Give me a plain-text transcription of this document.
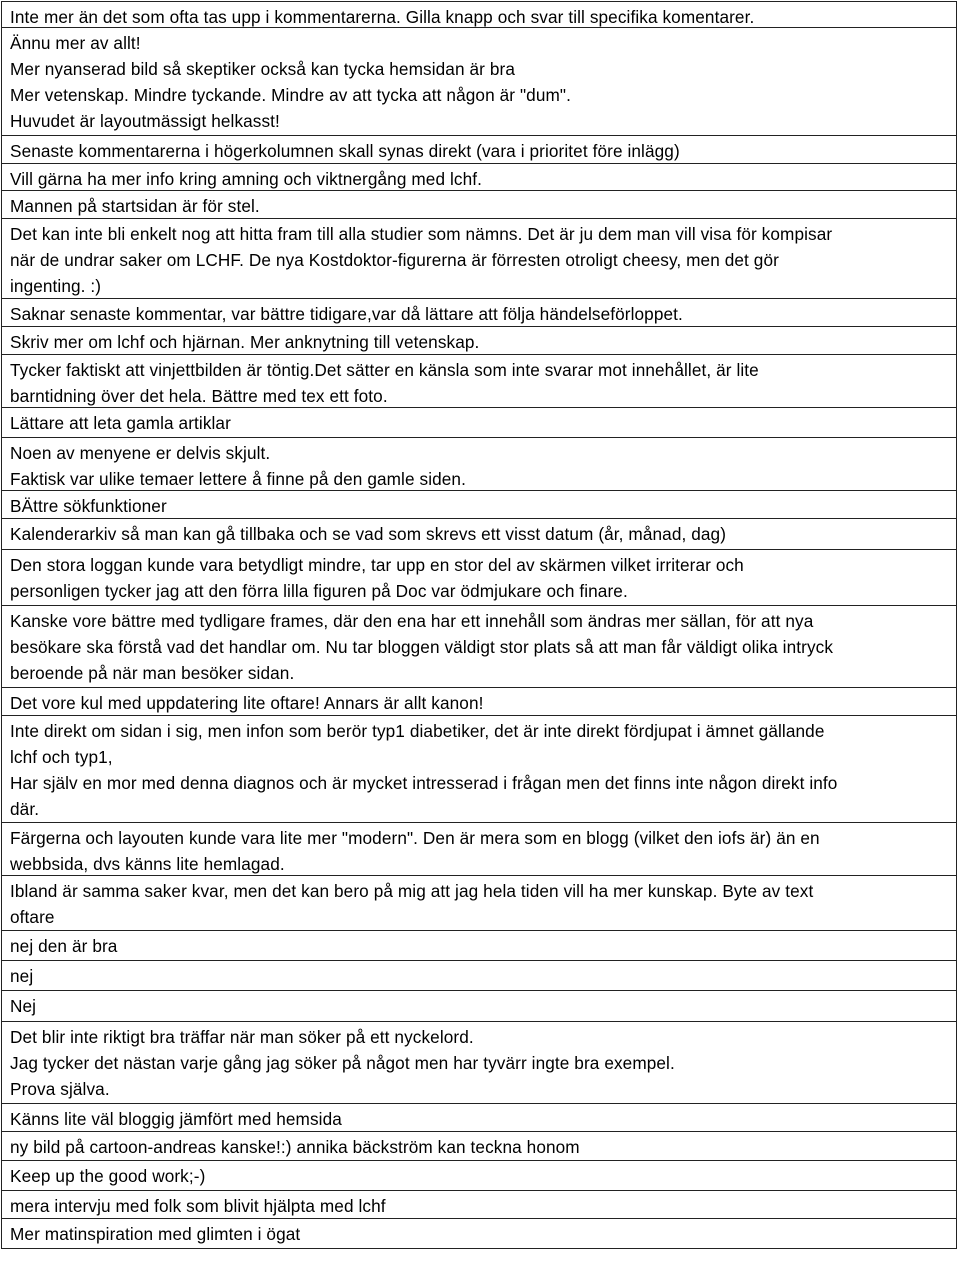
Inte mer än det som ofta tas upp i kommentarerna. Gilla knapp och svar till specifika komentarer.
Ännu mer av allt!
Mer nyanserad bild så skeptiker också kan tycka hemsidan är bra
Mer vetenskap. Mindre tyckande. Mindre av att tycka att någon är "dum".
Huvudet är layoutmässigt helkasst!
Senaste kommentarerna i högerkolumnen skall synas direkt (vara i prioritet före inlägg)
Vill gärna ha mer info kring amning och viktnergång med lchf.
Mannen på startsidan är för stel.
Det kan inte bli enkelt nog att hitta fram till alla studier som nämns. Det är ju dem man vill visa för kompisar
när de undrar saker om LCHF. De nya Kostdoktor-figurerna är förresten otroligt cheesy, men det gör
ingenting. :)
Saknar senaste kommentar, var bättre tidigare,var då lättare att följa händelseförloppet.
Skriv mer om lchf och hjärnan. Mer anknytning till vetenskap.
Tycker faktiskt att vinjettbilden är töntig.Det sätter en känsla som inte svarar mot innehållet, är lite
barntidning över det hela. Bättre med tex ett foto.
Lättare att leta gamla artiklar
Noen av menyene er delvis skjult.
Faktisk var ulike temaer lettere å finne på den gamle siden.
BÄttre sökfunktioner
Kalenderarkiv så man kan gå tillbaka och se vad som skrevs ett visst datum (år, månad, dag)
Den stora loggan kunde vara betydligt mindre, tar upp en stor del av skärmen vilket irriterar och
personligen tycker jag att den förra lilla figuren på Doc var ödmjukare och finare.
Kanske vore bättre med tydligare frames, där den ena har ett innehåll som ändras mer sällan, för att nya
besökare ska förstå vad det handlar om. Nu tar bloggen väldigt stor plats så att man får väldigt olika intryck
beroende på när man besöker sidan.
Det vore kul med uppdatering lite oftare! Annars är allt kanon!
Inte direkt om sidan i sig, men infon som berör typ1 diabetiker, det är inte direkt fördjupat i ämnet gällande
lchf och typ1,
Har själv en mor med denna diagnos och är mycket intresserad i frågan men det finns inte någon direkt info
där.
Färgerna och layouten kunde vara lite mer "modern". Den är mera som en blogg (vilket den iofs är) än en
webbsida, dvs känns lite hemlagad.
Ibland är samma saker kvar, men det kan bero på mig att jag hela tiden vill ha mer kunskap. Byte av text
oftare
nej den är bra
nej
Nej
Det blir inte riktigt bra träffar när man söker på ett nyckelord.
Jag tycker det nästan varje gång jag söker på något men har tyvärr ingte bra exempel.
Prova själva.
Känns lite väl bloggig jämfört med hemsida
ny bild på cartoon-andreas kanske!:) annika bäckström kan teckna honom
Keep up the good work;-)
mera intervju med folk som blivit hjälpta med lchf
Mer matinspiration med glimten i ögat
